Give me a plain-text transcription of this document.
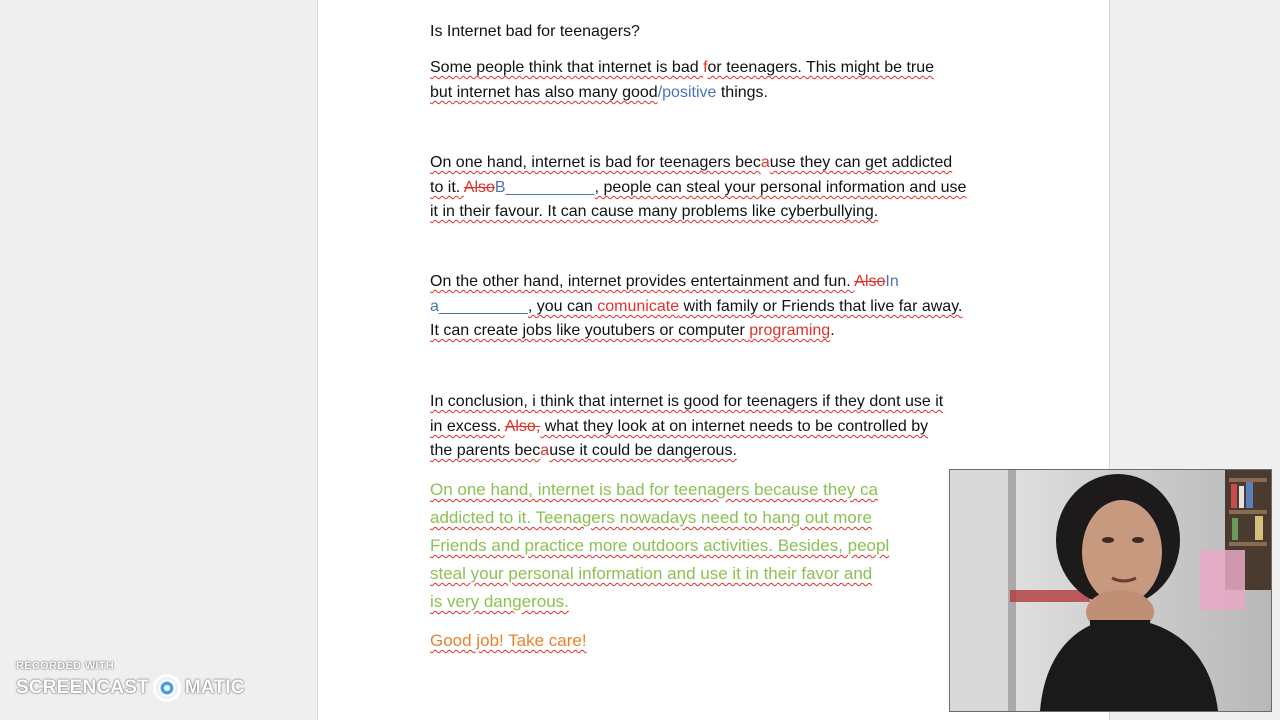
Is Internet bad for teenagers?
Some people think that internet is bad for teenagers. This might be true
but internet has also many good/positive things.
On one hand, internet is bad for teenagers because they can get addicted
to it. AlsoB__________, people can steal your personal information and use
it in their favour. It can cause many problems like cyberbullying.
On the other hand, internet provides entertainment and fun. AlsoIn
a__________, you can comunicate with family or Friends that live far away.
It can create jobs like youtubers or computer programing.
In conclusion, i think that internet is good for teenagers if they dont use it
in excess. Also, what they look at on internet needs to be controlled by
the parents because it could be dangerous.
On one hand, internet is bad for teenagers because they ca
addicted to it. Teenagers nowadays need to hang out more
Friends and practice more outdoors activities. Besides, peopl
steal your personal information and use it in their favor and
is very dangerous.
Good job! Take care!
RECORDED WITH
SCREENCAST MATIC
